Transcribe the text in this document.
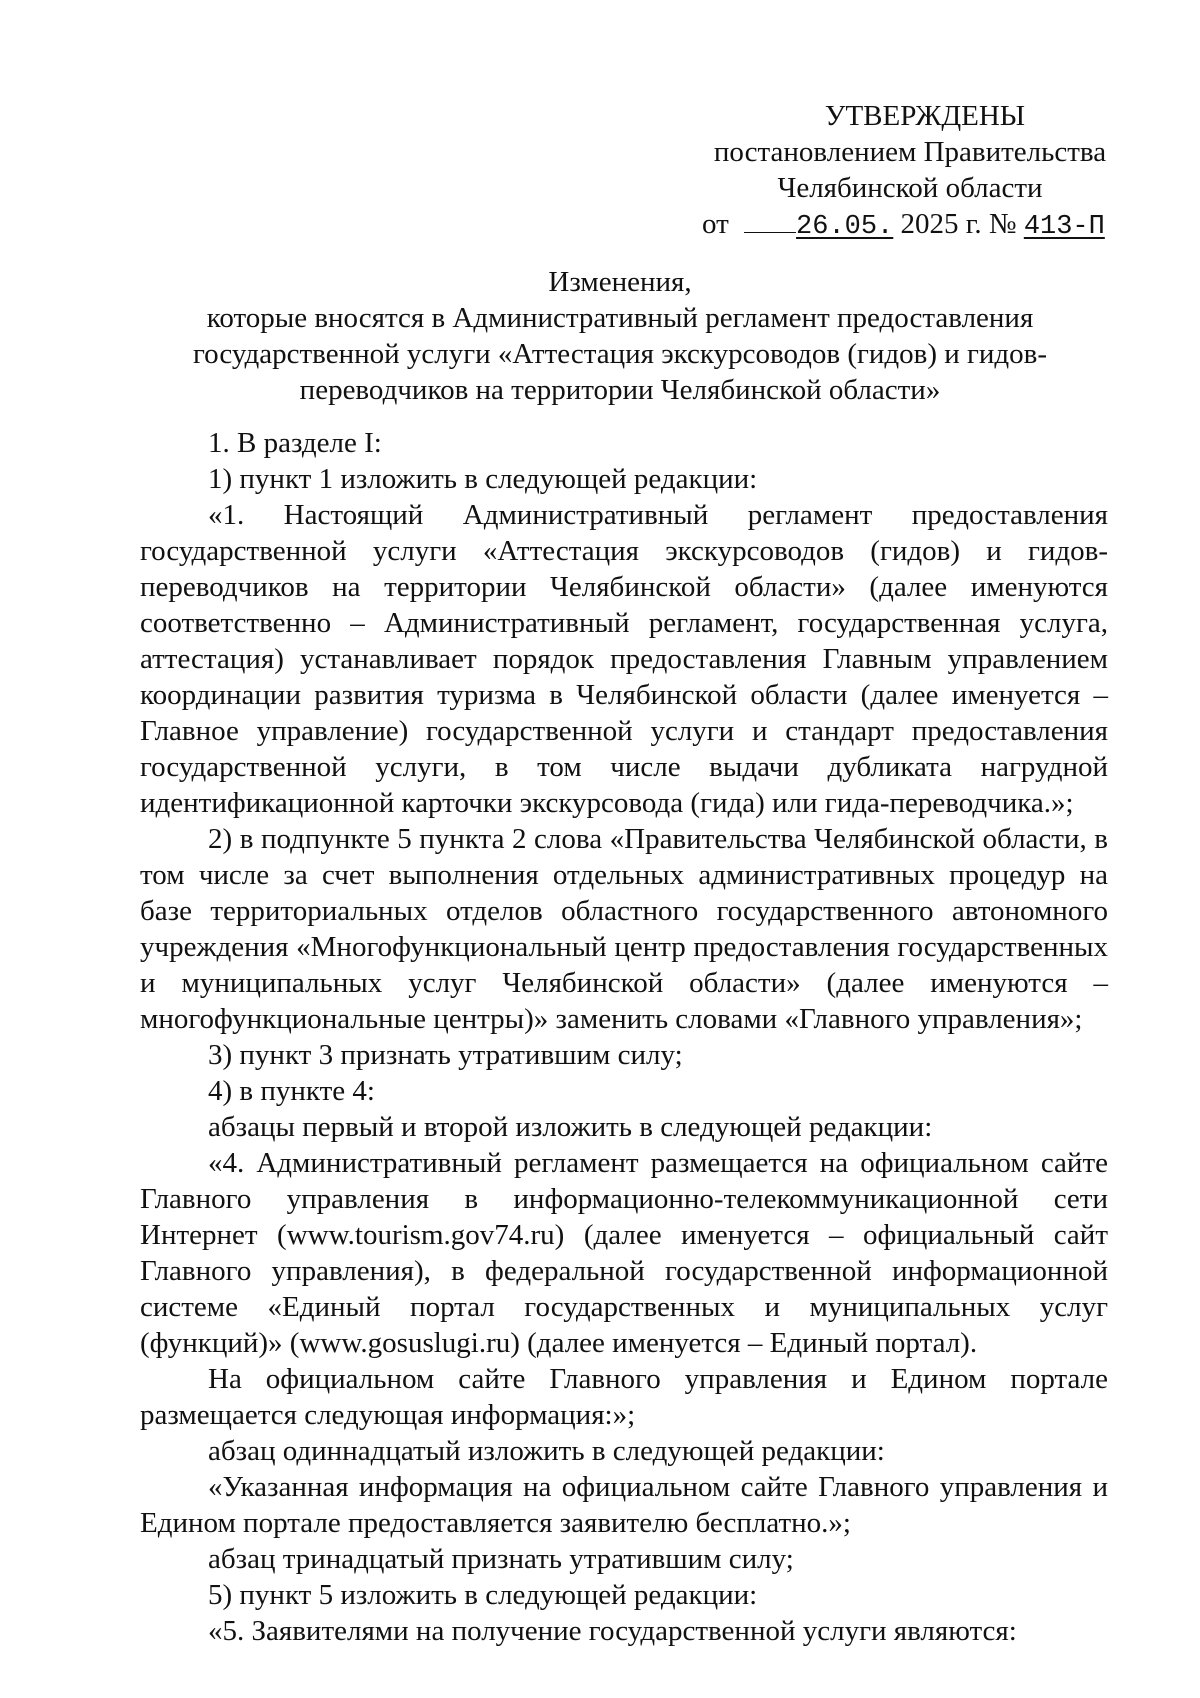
УТВЕРЖДЕНЫ
постановлением Правительства
Челябинской области
от 26.05. 2025 г. № 413-П
Изменения,
которые вносятся в Административный регламент предоставления
государственной услуги «Аттестация экскурсоводов (гидов) и гидов-
переводчиков на территории Челябинской области»

1. В разделе I:

1) пункт 1 изложить в следующей редакции:

«1. Настоящий Административный регламент предоставления государственной услуги «Аттестация экскурсоводов (гидов) и гидов-переводчиков на территории Челябинской области» (далее именуются соответственно – Административный регламент, государственная услуга, аттестация) устанавливает порядок предоставления Главным управлением координации развития туризма в Челябинской области (далее именуется – Главное управление) государственной услуги и стандарт предоставления государственной услуги, в том числе выдачи дубликата нагрудной идентификационной карточки экскурсовода (гида) или гида-переводчика.»;

2) в подпункте 5 пункта 2 слова «Правительства Челябинской области, в том числе за счет выполнения отдельных административных процедур на базе территориальных отделов областного государственного автономного учреждения «Многофункциональный центр предоставления государственных и муниципальных услуг Челябинской области» (далее именуются – многофункциональные центры)» заменить словами «Главного управления»;

3) пункт 3 признать утратившим силу;

4) в пункте 4:

абзацы первый и второй изложить в следующей редакции:

«4. Административный регламент размещается на официальном сайте Главного управления в информационно-телекоммуникационной сети Интернет (www.tourism.gov74.ru) (далее именуется – официальный сайт Главного управления), в федеральной государственной информационной системе «Единый портал государственных и муниципальных услуг (функций)» (www.gosuslugi.ru) (далее именуется – Единый портал).

На официальном сайте Главного управления и Едином портале размещается следующая информация:»;

абзац одиннадцатый изложить в следующей редакции:

«Указанная информация на официальном сайте Главного управления и Едином портале предоставляется заявителю бесплатно.»;

абзац тринадцатый признать утратившим силу;

5) пункт 5 изложить в следующей редакции:

«5. Заявителями на получение государственной услуги являются:
